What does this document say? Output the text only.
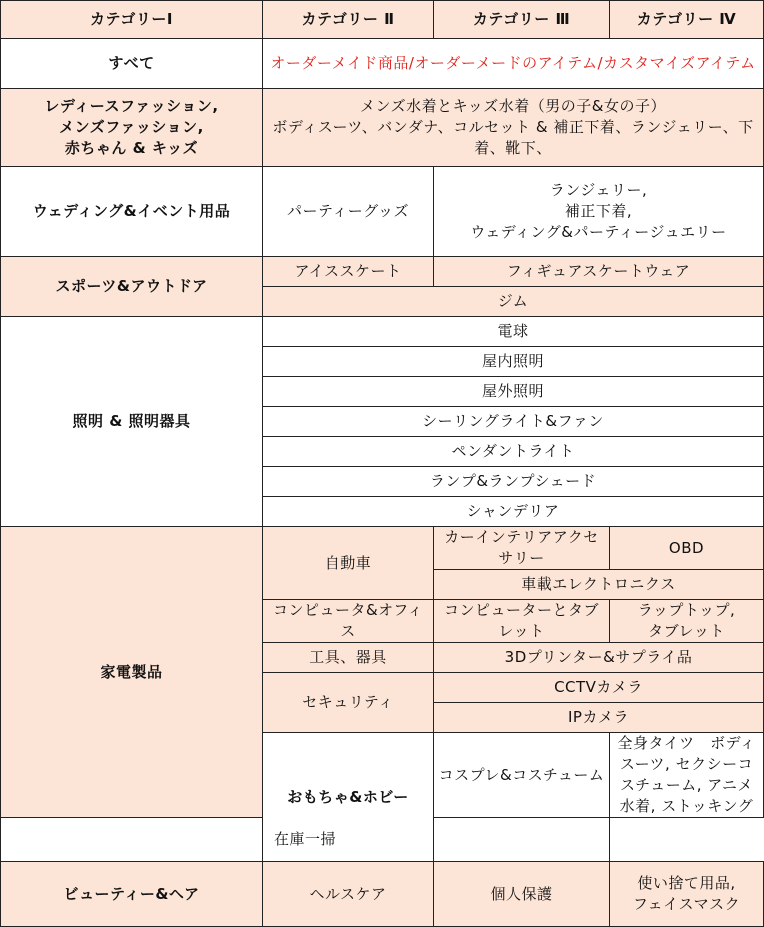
カテゴリーⅠ	カテゴリー Ⅱ	カテゴリー Ⅲ	カテゴリー Ⅳ
すべて	オーダーメイド商品/オーダーメードのアイテム/カスタマイズアイテム		
レディースファッション,
メンズファッション,
赤ちゃん & キッズ	メンズ水着とキッズ水着（男の子&女の子）
ボディスーツ、バンダナ、コルセット & 補正下着、ランジェリー、下着、靴下、		
ウェディング&イベント用品	パーティーグッズ	ランジェリー,
補正下着,
ウェディング&パーティージュエリー	
スポーツ&アウトドア	アイススケート	フィギュアスケートウェア	
	ジム		
照明 & 照明器具	電球		
	屋内照明		
	屋外照明		
	シーリングライト&ファン		
	ペンダントライト		
	ランプ&ランプシェード		
	シャンデリア		
家電製品	自動車	カーインテリアアクセサリー	OBD
		車載エレクトロニクス	
	コンピュータ&オフィス	コンピューターとタブレット	ラップトップ,
タブレット
	工具、器具	3Dプリンター&サプライ品	
	セキュリティ	CCTVカメラ	
		IPカメラ	
	おもちゃ&ホビー	コスプレ&コスチューム	全身タイツ　ボディスーツ, セクシーコスチューム, アニメ水着, ストッキング
在庫一掃			
ビューティー&ヘア	ヘルスケア	個人保護	使い捨て用品,
フェイスマスク
